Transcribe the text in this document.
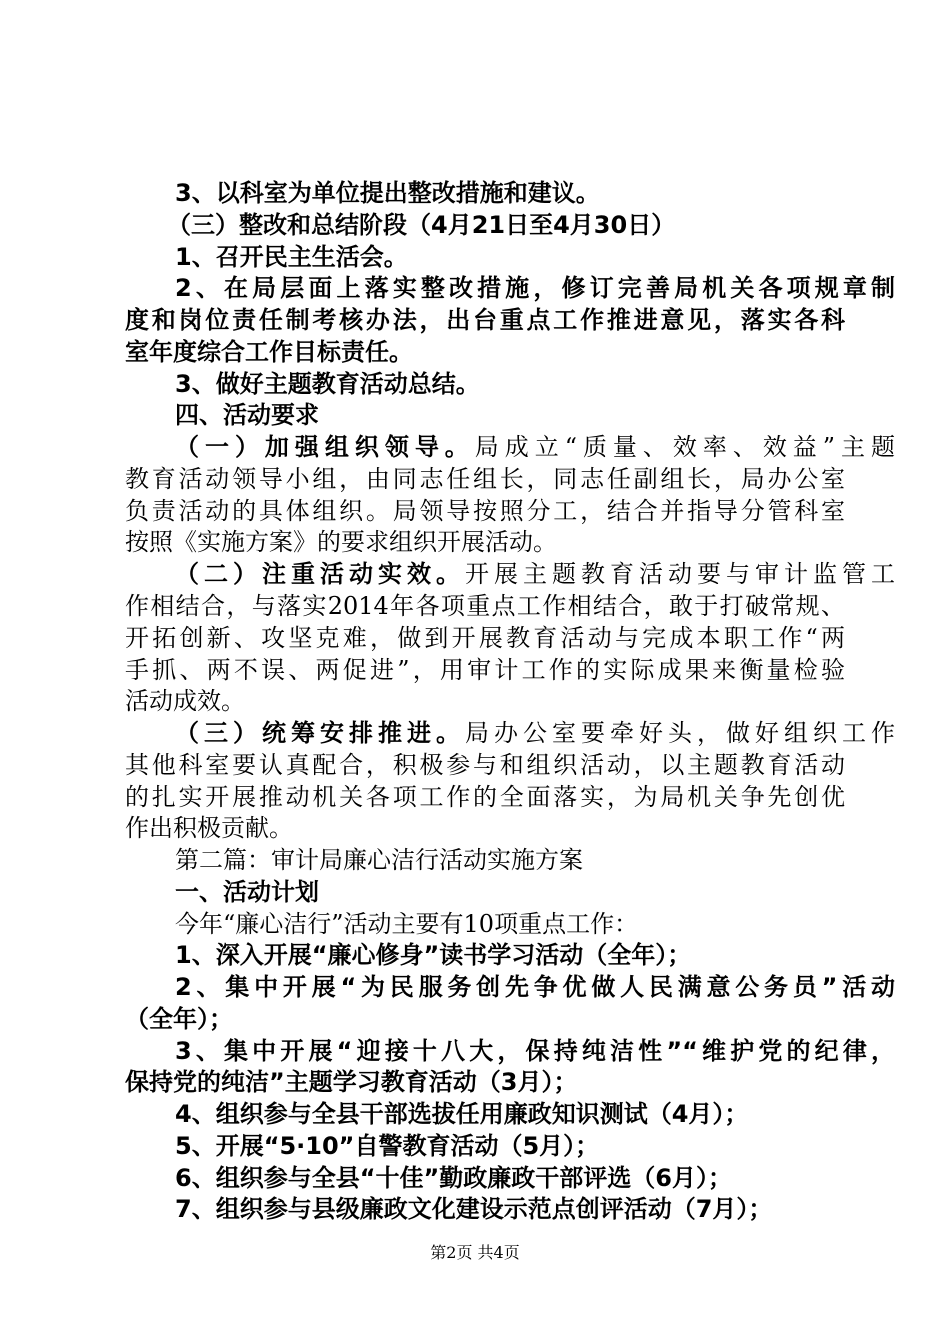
3、以科室为单位提出整改措施和建议。
（三）整改和总结阶段（4月21日至4月30日）
1、召开民主生活会。
2、在局层面上落实整改措施，修订完善局机关各项规章制
度和岗位责任制考核办法，出台重点工作推进意见，落实各科
室年度综合工作目标责任。
3、做好主题教育活动总结。
四、活动要求
（一）加强组织领导。局成立“质量、效率、效益”主题
教育活动领导小组，由同志任组长，同志任副组长，局办公室
负责活动的具体组织。局领导按照分工，结合并指导分管科室
按照《实施方案》的要求组织开展活动。
（二）注重活动实效。开展主题教育活动要与审计监管工
作相结合，与落实2014年各项重点工作相结合，敢于打破常规、
开拓创新、攻坚克难，做到开展教育活动与完成本职工作“两
手抓、两不误、两促进”，用审计工作的实际成果来衡量检验
活动成效。
（三）统筹安排推进。局办公室要牵好头，做好组织工作
其他科室要认真配合，积极参与和组织活动，以主题教育活动
的扎实开展推动机关各项工作的全面落实，为局机关争先创优
作出积极贡献。
第二篇：审计局廉心洁行活动实施方案
一、活动计划
今年“廉心洁行”活动主要有10项重点工作：
1、深入开展“廉心修身”读书学习活动（全年）；
2、集中开展“为民服务创先争优做人民满意公务员”活动
（全年）；
3、集中开展“迎接十八大，保持纯洁性”“维护党的纪律，
保持党的纯洁”主题学习教育活动（3月）；
4、组织参与全县干部选拔任用廉政知识测试（4月）；
5、开展“5·10”自警教育活动（5月）；
6、组织参与全县“十佳”勤政廉政干部评选（6月）；
7、组织参与县级廉政文化建设示范点创评活动（7月）；
第2页 共4页
